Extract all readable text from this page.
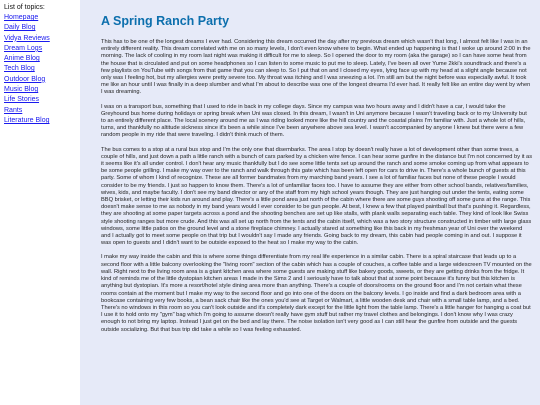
List of topics:
Homepage
Daily Blog
Vidya Reviews
Dream Logs
Anime Blog
Tech Blog
Outdoor Blog
Music Blog
Life Stories
Rants
Literature Blog
A Spring Ranch Party

This has to be one of the longest dreams I ever had. Considering this dream occurred the day after my previous dream which wasn't that long, I almost felt like I was in an entirely different reality. This dream correlated with me on so many levels, I don't even know where to begin. What ended up happening is that I woke up around 2:00 in the morning. The lack of cooling in my room last night was making it difficult for me to sleep. So I opened the door to my room (aka the garage) so I can have some heat from the house that is circulated and put on some headphones so I can listen to some music to put me to sleep. Lately, I've been all over Yume 2kki's soundtrack and there's a few playlists on YouTube with songs from that game that you can sleep to. So I put that on and I closed my eyes, lying face up with my head at a slight angle because not only was I feeling hot, but my allergies were pretty severe too. My throat was itching and I was sneezing a lot. I'm still am but the night before was especially awful. It took me like an hour until I was finally in a deep slumber and what I'm about to describe was one of the longest dreams I'd ever had. It really felt like an entire day went by when I was dreaming.

I was on a transport bus, something that I used to ride in back in my college days. Since my campus was two hours away and I didn't have a car, I would take the Greyhound bus home during holidays or spring break when Uni was closed. In this dream, I wasn't in Uni anymore because I wasn't traveling back or to my University but to an entirely different place. The local scenery around me as I was riding looked more like the hill country and the coastal plains I'm familiar with. Just a whole lot of hills, turns, and thankfully no altitude sickness since it's been a while since I've been anywhere above sea level. I wasn't accompanied by anyone I knew but there were a few random people in my ride that were traveling. I didn't think much of them.

The bus comes to a stop at a rural bus stop and I'm the only one that disembarks. The area I stop by doesn't really have a lot of development other than some trees, a couple of hills, and just down a path a little ranch with a bunch of cars parked by a chicken wire fence. I can hear some gunfire in the distance but I'm not concerned by it as it seems like it's all under control. I don't hear any music thankfully but I do see some little tents set up around the ranch and some smoke coming up from what appears to be some people grilling. I make my way over to the ranch and walk through this gate which has been left open for cars to drive in. There's a whole bunch of guests at this party. Some of whom I kind of recognize. These are all former bandmates from my marching band years. I see a lot of familiar faces but none of these people I would consider to be my friends. I just so happen to know them. There's a lot of unfamiliar faces too. I have to assume they are either from other school bands, relatives/families, wives, kids, and maybe faculty. I don't see my band director or any of the staff from my high school years though. They are just hanging out under the tents, eating some BBQ brisket, or letting their kids run around and play. There's a little pond area just north of the cabin where there are some guys shooting off some guns at the range. This doesn't make sense to me as nobody in my band years would I ever consider to be gun people. At best, I knew a few that played paintball but that's pushing it. Regardless, they are shooting at some paper targets across a pond and the shooting benches are set up like stalls, with plank walls separating each table. They kind of look like Swiss style shooting ranges but more crude. And this was all set up north from the tents and the cabin itself, which was a two story structure constructed in timber with large glass windows, some little patios on the ground level and a stone fireplace chimney. I actually stared at something like this back in my freshman year of Uni over the weekend and I actually got to meet some people on that trip but I wouldn't say I made any friends. Going back to my dream, this cabin had people coming in and out. I suppose it was open to guests and I didn't want to be outside exposed to the heat so I make my way to the cabin.

I make my way inside the cabin and this is where some things differentiate from my real life experience in a similar cabin. There is a spiral staircase that leads up to a second floor with a little balcony overlooking the "living room" section of the cabin which has a couple of couches, a coffee table and a large widescreen TV mounted on the wall. Right next to the living room area is a giant kitchen area where some guests are making stuff like bakery goods, sweets, or they are getting drinks from the fridge. It kind of reminds me of the little dystopian kitchen areas I made in the Sims 2 and I seriously have to talk about that at some point because it's funny but this kitchen is anything but dystopian. It's more a resort/hotel style dining area more than anything. There's a couple of doors/rooms on the ground floor and I'm not certain what these rooms contain at the moment but I make my way to the second floor and go into one of the doors on the balcony levels. I go inside and find a dark bedroom area with a bookcase containing very few books, a bean sack chair like the ones you'd see at Target or Walmart, a little wooden desk and chair with a small table lamp, and a bed. There's no windows in this room so you can't look outside and it's completely dark except for the little light from the table lamp. There's a little hanger for hanging a coat but I use it to hold onto my "gym" bag which I'm going to assume doesn't really have gym stuff but rather my travel clothes and belongings. I don't know why I was crazy enough to not bring my laptop. Instead I just get on the bed and lay there. The noise isolation isn't very good as I can still hear the gunfire from outside and the guests outside socializing. But that bus trip did take a while so I was feeling exhausted.
